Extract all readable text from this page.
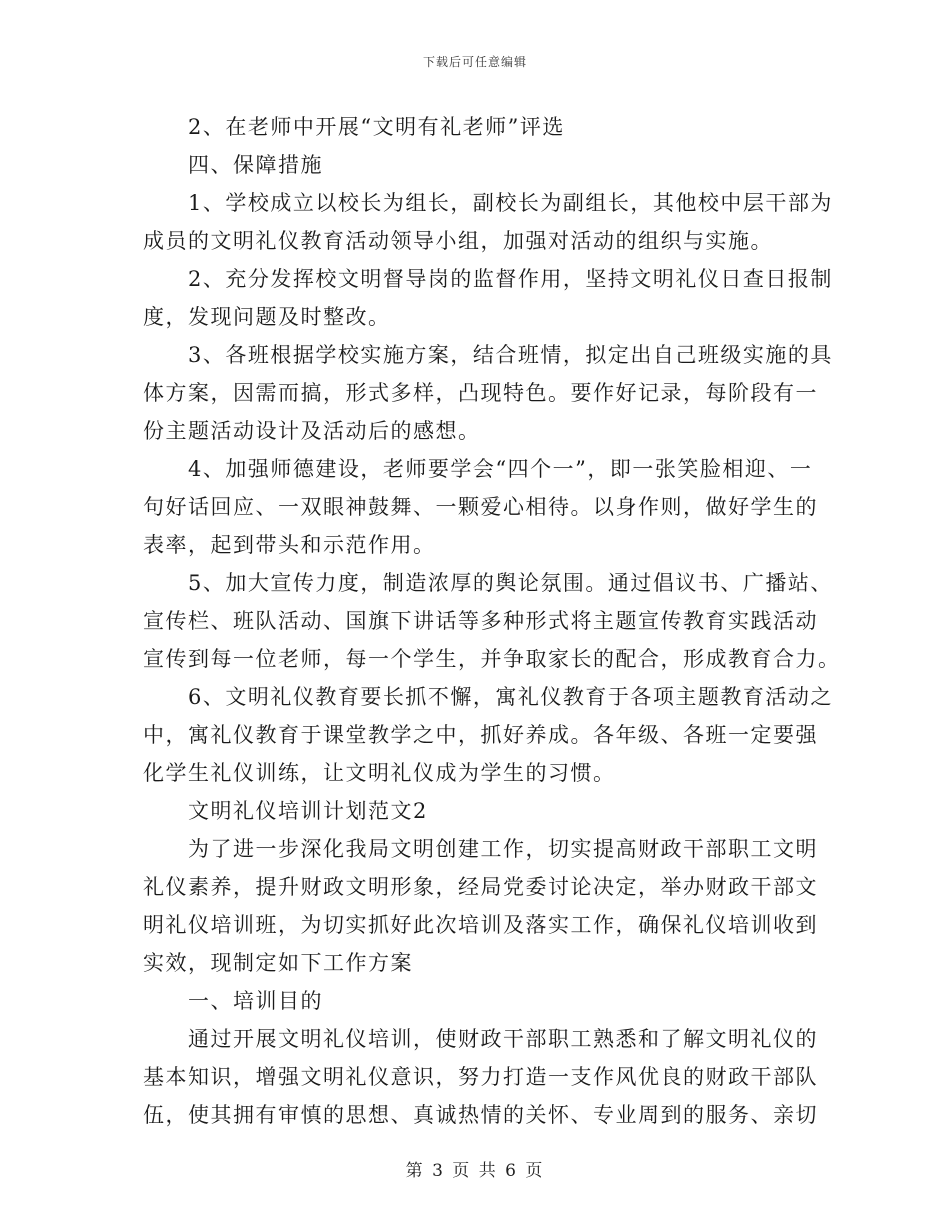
下载后可任意编辑
2、在老师中开展“文明有礼老师”评选
四、保障措施
1、学校成立以校长为组长，副校长为副组长，其他校中层干部为
成员的文明礼仪教育活动领导小组，加强对活动的组织与实施。
2、充分发挥校文明督导岗的监督作用，坚持文明礼仪日查日报制
度，发现问题及时整改。
3、各班根据学校实施方案，结合班情，拟定出自己班级实施的具
体方案，因需而搞，形式多样，凸现特色。要作好记录，每阶段有一
份主题活动设计及活动后的感想。
4、加强师德建设，老师要学会“四个一”，即一张笑脸相迎、一
句好话回应、一双眼神鼓舞、一颗爱心相待。以身作则，做好学生的
表率，起到带头和示范作用。
5、加大宣传力度，制造浓厚的舆论氛围。通过倡议书、广播站、
宣传栏、班队活动、国旗下讲话等多种形式将主题宣传教育实践活动
宣传到每一位老师，每一个学生，并争取家长的配合，形成教育合力。
6、文明礼仪教育要长抓不懈，寓礼仪教育于各项主题教育活动之
中，寓礼仪教育于课堂教学之中，抓好养成。各年级、各班一定要强
化学生礼仪训练，让文明礼仪成为学生的习惯。
文明礼仪培训计划范文2
为了进一步深化我局文明创建工作，切实提高财政干部职工文明
礼仪素养，提升财政文明形象，经局党委讨论决定，举办财政干部文
明礼仪培训班，为切实抓好此次培训及落实工作，确保礼仪培训收到
实效，现制定如下工作方案
一、培训目的
通过开展文明礼仪培训，使财政干部职工熟悉和了解文明礼仪的
基本知识，增强文明礼仪意识，努力打造一支作风优良的财政干部队
伍，使其拥有审慎的思想、真诚热情的关怀、专业周到的服务、亲切
第 3 页 共 6 页
